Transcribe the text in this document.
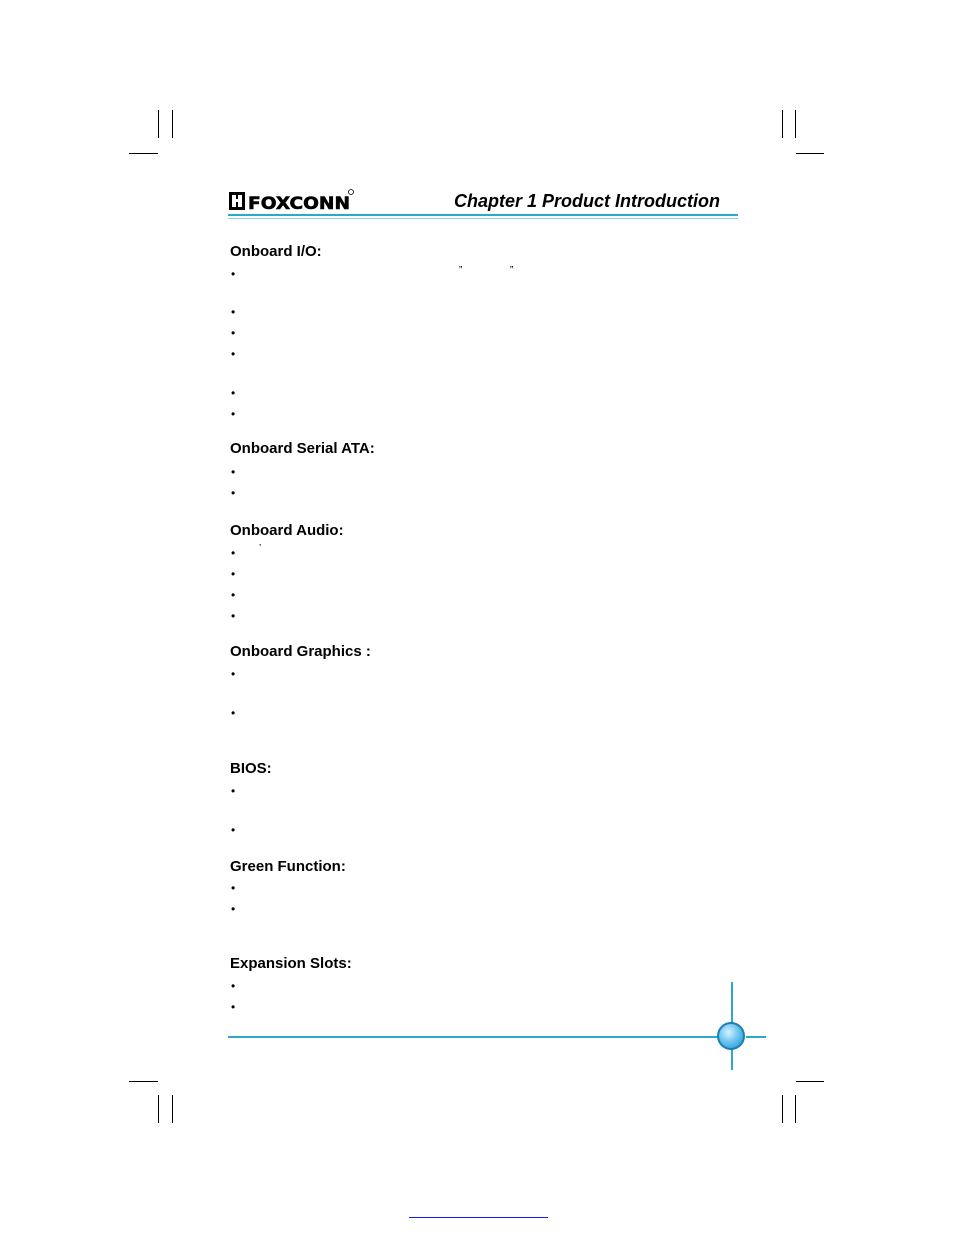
FOXCONN	Chapter 1 Product Introduction
Onboard I/O:
Onboard Serial ATA:
Onboard Audio:
Onboard Graphics :
BIOS:
Green Function:
Expansion Slots:
•	”	”
•
•
•
•
•
•
•
• ’
•
•
•
•
•
•
•
•
•
•
•
